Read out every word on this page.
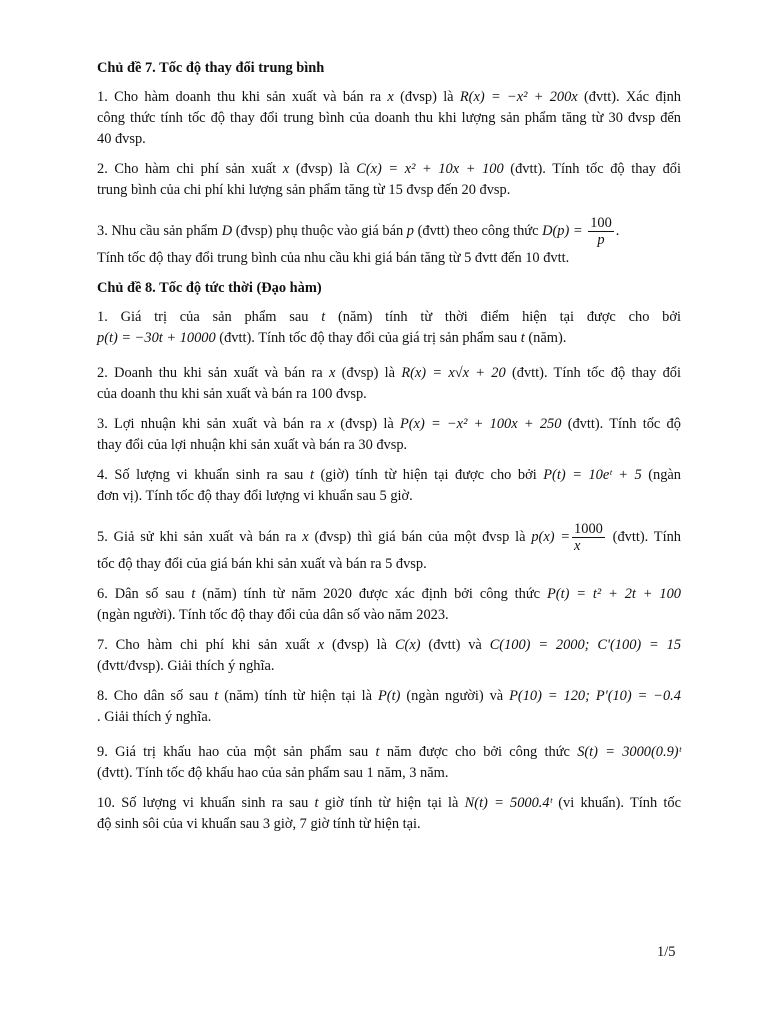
Chủ đề 7. Tốc độ thay đổi trung bình
1. Cho hàm doanh thu khi sản xuất và bán ra x (đvsp) là R(x) = −x² + 200x (đvtt). Xác định
công thức tính tốc độ thay đổi trung bình của doanh thu khi lượng sản phẩm tăng từ 30 đvsp đến
40 đvsp.
2. Cho hàm chi phí sản xuất x (đvsp) là C(x) = x² + 10x + 100 (đvtt). Tính tốc độ thay đổi
trung bình của chi phí khi lượng sản phẩm tăng từ 15 đvsp đến 20 đvsp.
3. Nhu cầu sản phẩm D (đvsp) phụ thuộc vào giá bán p (đvtt) theo công thức $D(p) = \frac{100}{p}$ .
Tính tốc độ thay đổi trung bình của nhu cầu khi giá bán tăng từ 5 đvtt đến 10 đvtt.
Chủ đề 8. Tốc độ tức thời (Đạo hàm)
1. Giá trị của sản phẩm sau t (năm) tính từ thời điểm hiện tại được cho bởi
p(t) = −30t + 10000 (đvtt). Tính tốc độ thay đổi của giá trị sản phẩm sau t (năm).
2. Doanh thu khi sản xuất và bán ra x (đvsp) là R(x) = x√x + 20 (đvtt). Tính tốc độ thay đổi
của doanh thu khi sản xuất và bán ra 100 đvsp.
3. Lợi nhuận khi sản xuất và bán ra x (đvsp) là P(x) = −x² + 100x + 250 (đvtt). Tính tốc độ
thay đổi của lợi nhuận khi sản xuất và bán ra 30 đvsp.
4. Số lượng vi khuẩn sinh ra sau t (giờ) tính từ hiện tại được cho bởi P(t) = 10eᵗ + 5 (ngàn
đơn vị). Tính tốc độ thay đổi lượng vi khuẩn sau 5 giờ.
5. Giả sử khi sản xuất và bán ra x (đvsp) thì giá bán của một đvsp là $p(x) = \frac{1000}{x}$ (đvtt). Tính
tốc độ thay đổi của giá bán khi sản xuất và bán ra 5 đvsp.
6. Dân số sau t (năm) tính từ năm 2020 được xác định bởi công thức P(t) = t² + 2t + 100
(ngàn người). Tính tốc độ thay đổi của dân số vào năm 2023.
7. Cho hàm chi phí khi sản xuất x (đvsp) là C(x) (đvtt) và C(100) = 2000; C'(100) = 15
(đvtt/đvsp). Giải thích ý nghĩa.
8. Cho dân số sau t (năm) tính từ hiện tại là P(t) (ngàn người) và P(10) = 120; P'(10) = −0.4
. Giải thích ý nghĩa.
9. Giá trị khấu hao của một sản phẩm sau t năm được cho bởi công thức S(t) = 3000(0.9)ᵗ
(đvtt). Tính tốc độ khấu hao của sản phẩm sau 1 năm, 3 năm.
10. Số lượng vi khuẩn sinh ra sau t giờ tính từ hiện tại là N(t) = 5000.4ᵗ (vi khuẩn). Tính tốc
độ sinh sôi của vi khuẩn sau 3 giờ, 7 giờ tính từ hiện tại.
1/5
